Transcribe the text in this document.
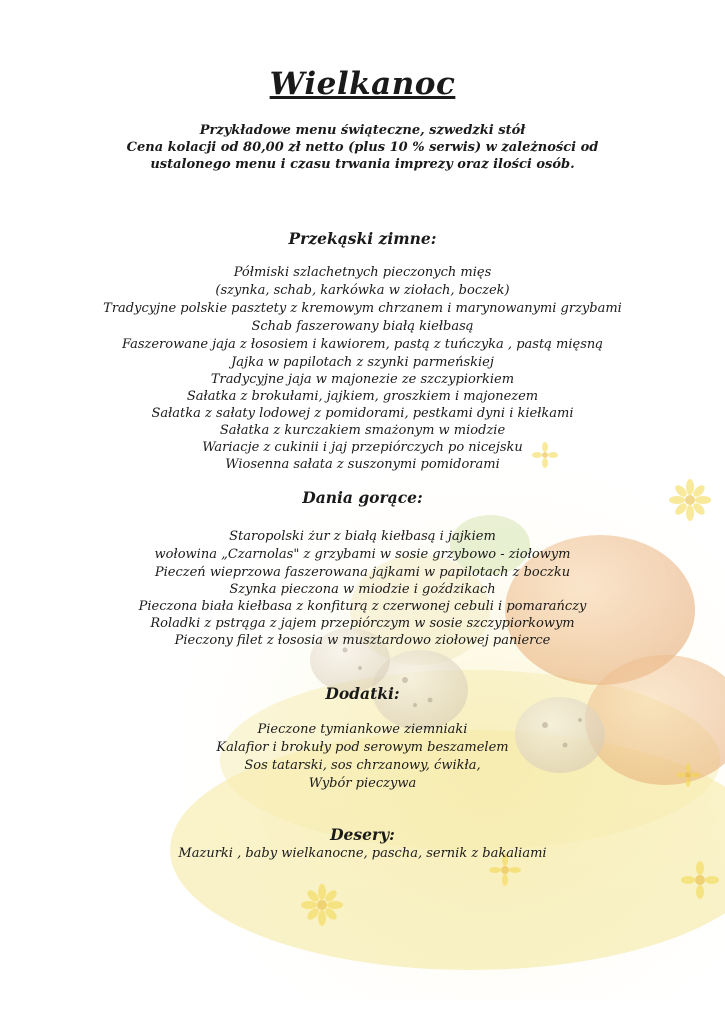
Wielkanoc
Przykładowe menu świąteczne, szwedzki stół
Cena kolacji od 80,00 zł netto (plus 10 % serwis) w zależności od
ustalonego menu i czasu trwania imprezy oraz ilości osób.
Przekąski zimne:
Półmiski szlachetnych pieczonych mięs
(szynka, schab, karkówka w ziołach, boczek)
Tradycyjne polskie pasztety z kremowym chrzanem i marynowanymi grzybami
Schab faszerowany białą kiełbasą
Faszerowane jaja z łososiem i kawiorem, pastą z tuńczyka , pastą mięsną
Jajka w papilotach z szynki parmeńskiej
Tradycyjne jaja w majonezie ze szczypiorkiem
Sałatka z brokułami, jajkiem, groszkiem i majonezem
Sałatka z sałaty lodowej z pomidorami, pestkami dyni i kiełkami
Sałatka z kurczakiem smażonym w miodzie
Wariacje z cukinii i jaj przepiórczych po nicejsku
Wiosenna sałata z suszonymi pomidorami
Dania gorące:
Staropolski żur z białą kiełbasą i jajkiem
wołowina „Czarnolas" z grzybami w sosie grzybowo - ziołowym
Pieczeń wieprzowa faszerowana jajkami w papilotach z boczku
Szynka pieczona w miodzie i goździkach
Pieczona biała kiełbasa z konfiturą z czerwonej cebuli i pomarańczy
Roladki z pstrąga z jajem przepiórczym w sosie szczypiorkowym
Pieczony filet z łososia w musztardowo ziołowej panierce
Dodatki:
Pieczone tymiankowe ziemniaki
Kalafior i brokuły pod serowym beszamelem
Sos tatarski, sos chrzanowy, ćwikła,
Wybór pieczywa
Desery:
Mazurki , baby wielkanocne, pascha, sernik z bakaliami
